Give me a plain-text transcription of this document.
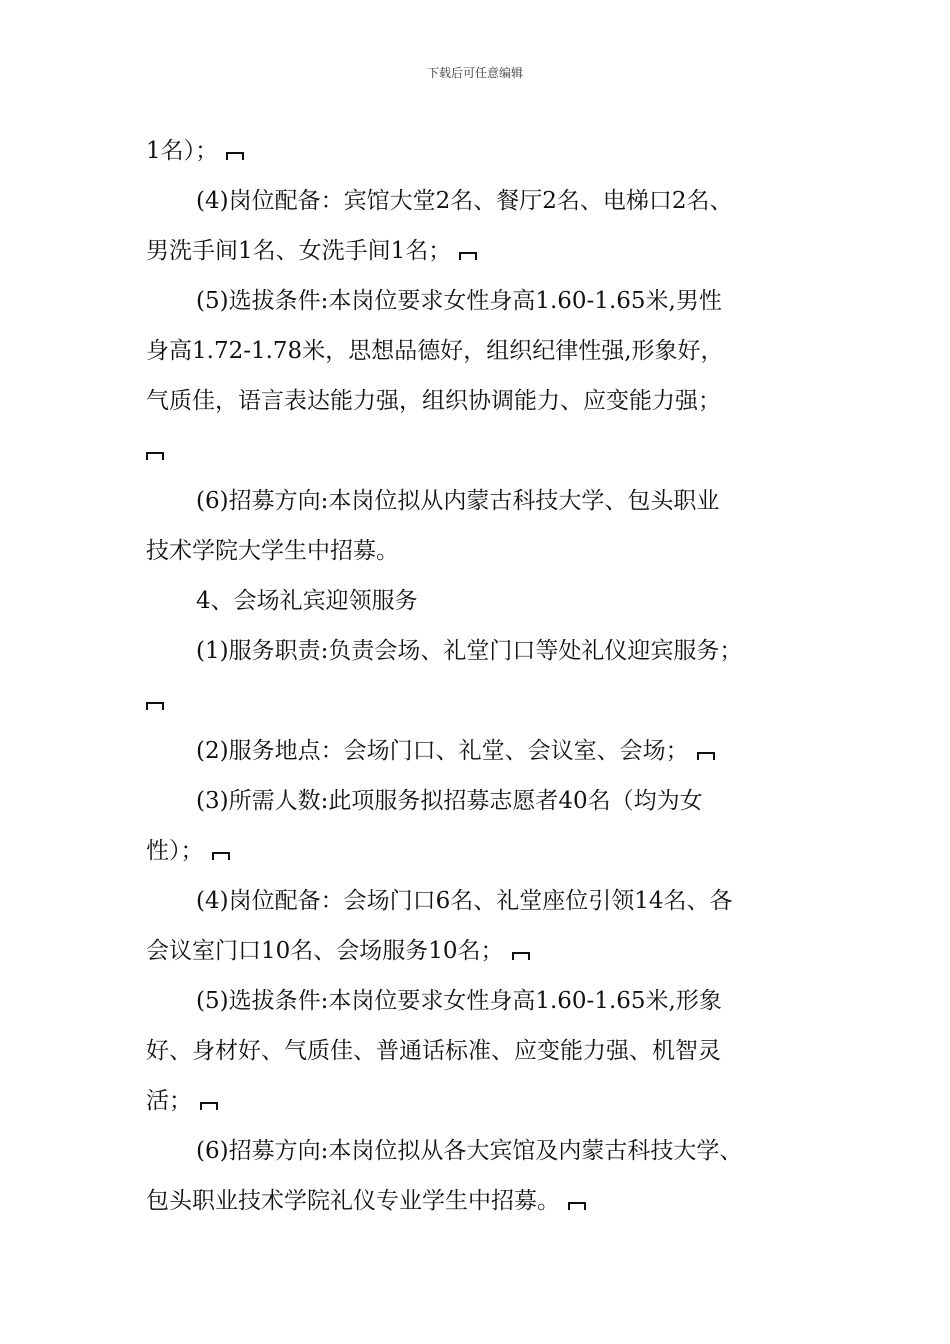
下载后可任意编辑
1名）；
(4)岗位配备：宾馆大堂2名、餐厅2名、电梯口2名、
男洗手间1名、女洗手间1名；
(5)选拔条件:本岗位要求女性身高1.60-1.65米,男性
身高1.72-1.78米，思想品德好，组织纪律性强,形象好，
气质佳，语言表达能力强，组织协调能力、应变能力强；
(6)招募方向:本岗位拟从内蒙古科技大学、包头职业
技术学院大学生中招募。
4、会场礼宾迎领服务
(1)服务职责:负责会场、礼堂门口等处礼仪迎宾服务；
(2)服务地点：会场门口、礼堂、会议室、会场；
(3)所需人数:此项服务拟招募志愿者40名（均为女
性）；
(4)岗位配备：会场门口6名、礼堂座位引领14名、各
会议室门口10名、会场服务10名；
(5)选拔条件:本岗位要求女性身高1.60-1.65米,形象
好、身材好、气质佳、普通话标准、应变能力强、机智灵
活；
(6)招募方向:本岗位拟从各大宾馆及内蒙古科技大学、
包头职业技术学院礼仪专业学生中招募。
